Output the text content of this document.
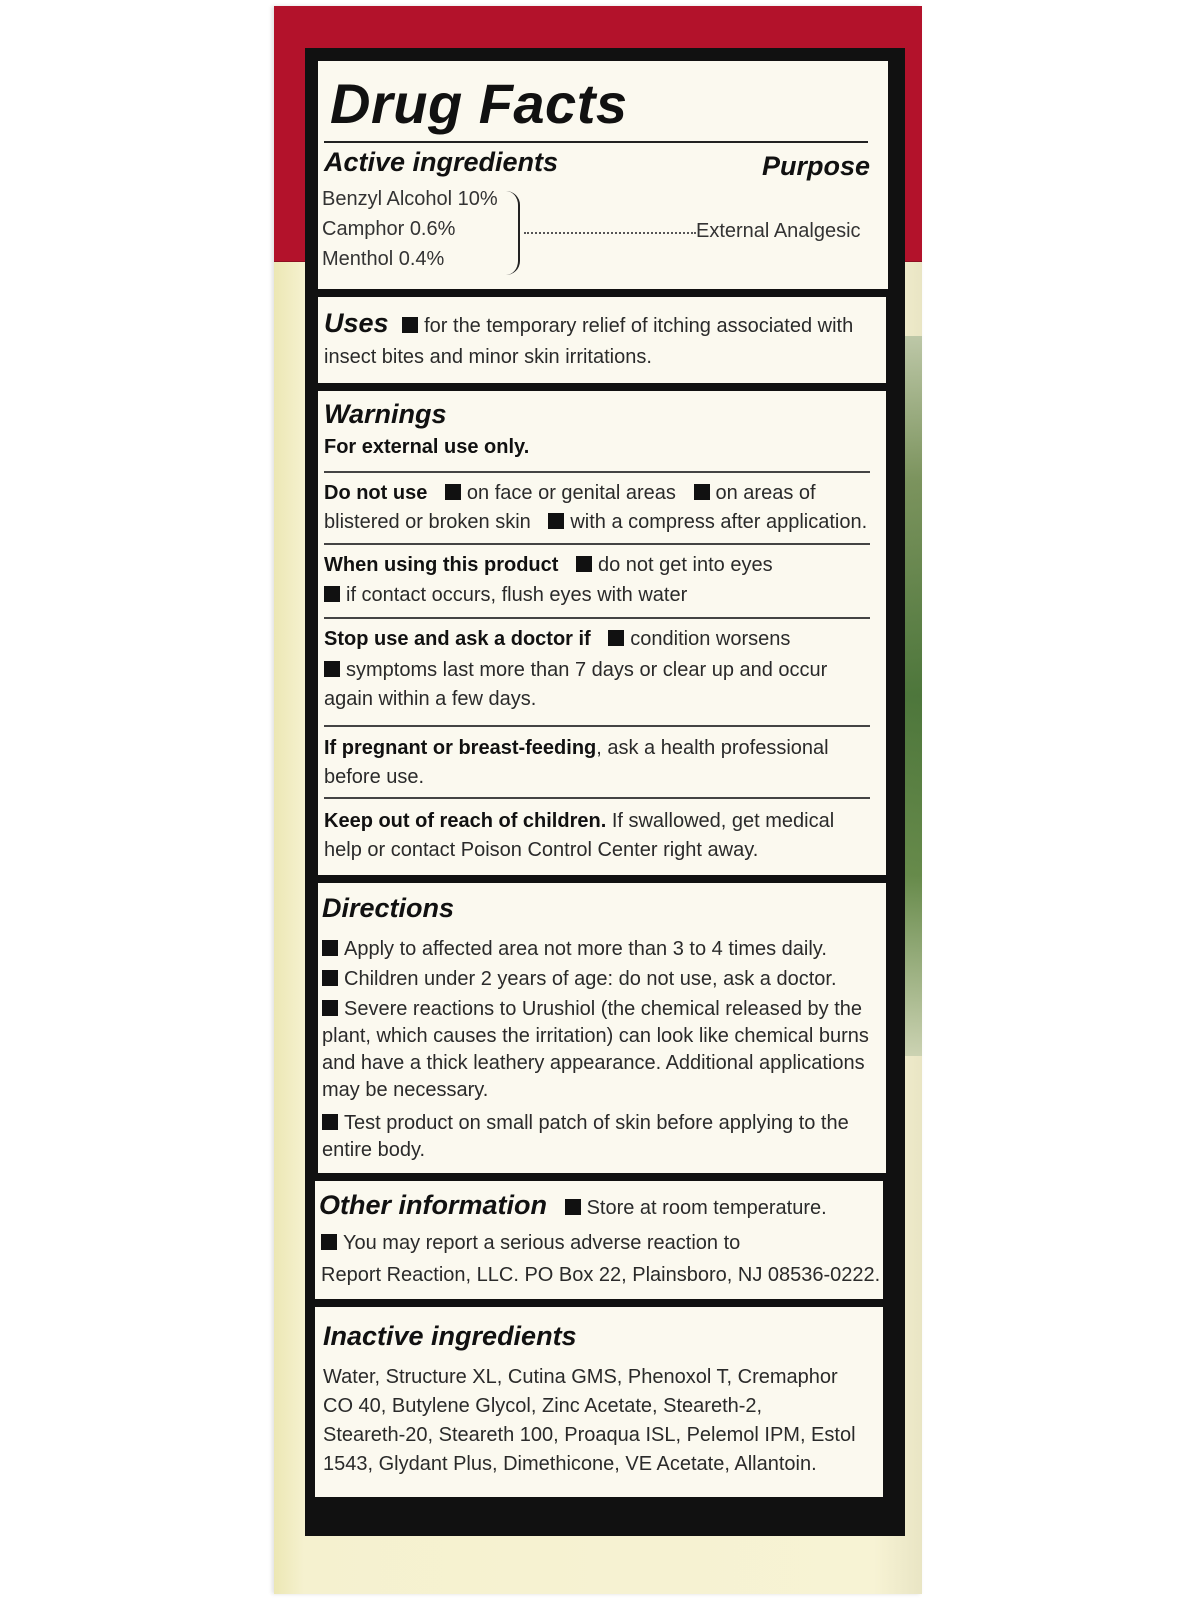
Drug Facts
Active ingredients	Purpose
Benzyl Alcohol 10%
Camphor 0.6%
Menthol 0.4%
External Analgesic
Uses for the temporary relief of itching associated with
insect bites and minor skin irritations.
Warnings
For external use only.
Do not use on face or genital areas on areas of
blistered or broken skin with a compress after application.
When using this product do not get into eyes
if contact occurs, flush eyes with water
Stop use and ask a doctor if condition worsens
symptoms last more than 7 days or clear up and occur
again within a few days.
If pregnant or breast-feeding, ask a health professional
before use.
Keep out of reach of children. If swallowed, get medical
help or contact Poison Control Center right away.
Directions
Apply to affected area not more than 3 to 4 times daily.
Children under 2 years of age: do not use, ask a doctor.
Severe reactions to Urushiol (the chemical released by the
plant, which causes the irritation) can look like chemical burns
and have a thick leathery appearance. Additional applications
may be necessary.
Test product on small patch of skin before applying to the
entire body.
Other information Store at room temperature.
You may report a serious adverse reaction to
Report Reaction, LLC. PO Box 22, Plainsboro, NJ 08536-0222.
Inactive ingredients
Water, Structure XL, Cutina GMS, Phenoxol T, Cremaphor
CO 40, Butylene Glycol, Zinc Acetate, Steareth-2,
Steareth-20, Steareth 100, Proaqua ISL, Pelemol IPM, Estol
1543, Glydant Plus, Dimethicone, VE Acetate, Allantoin.
